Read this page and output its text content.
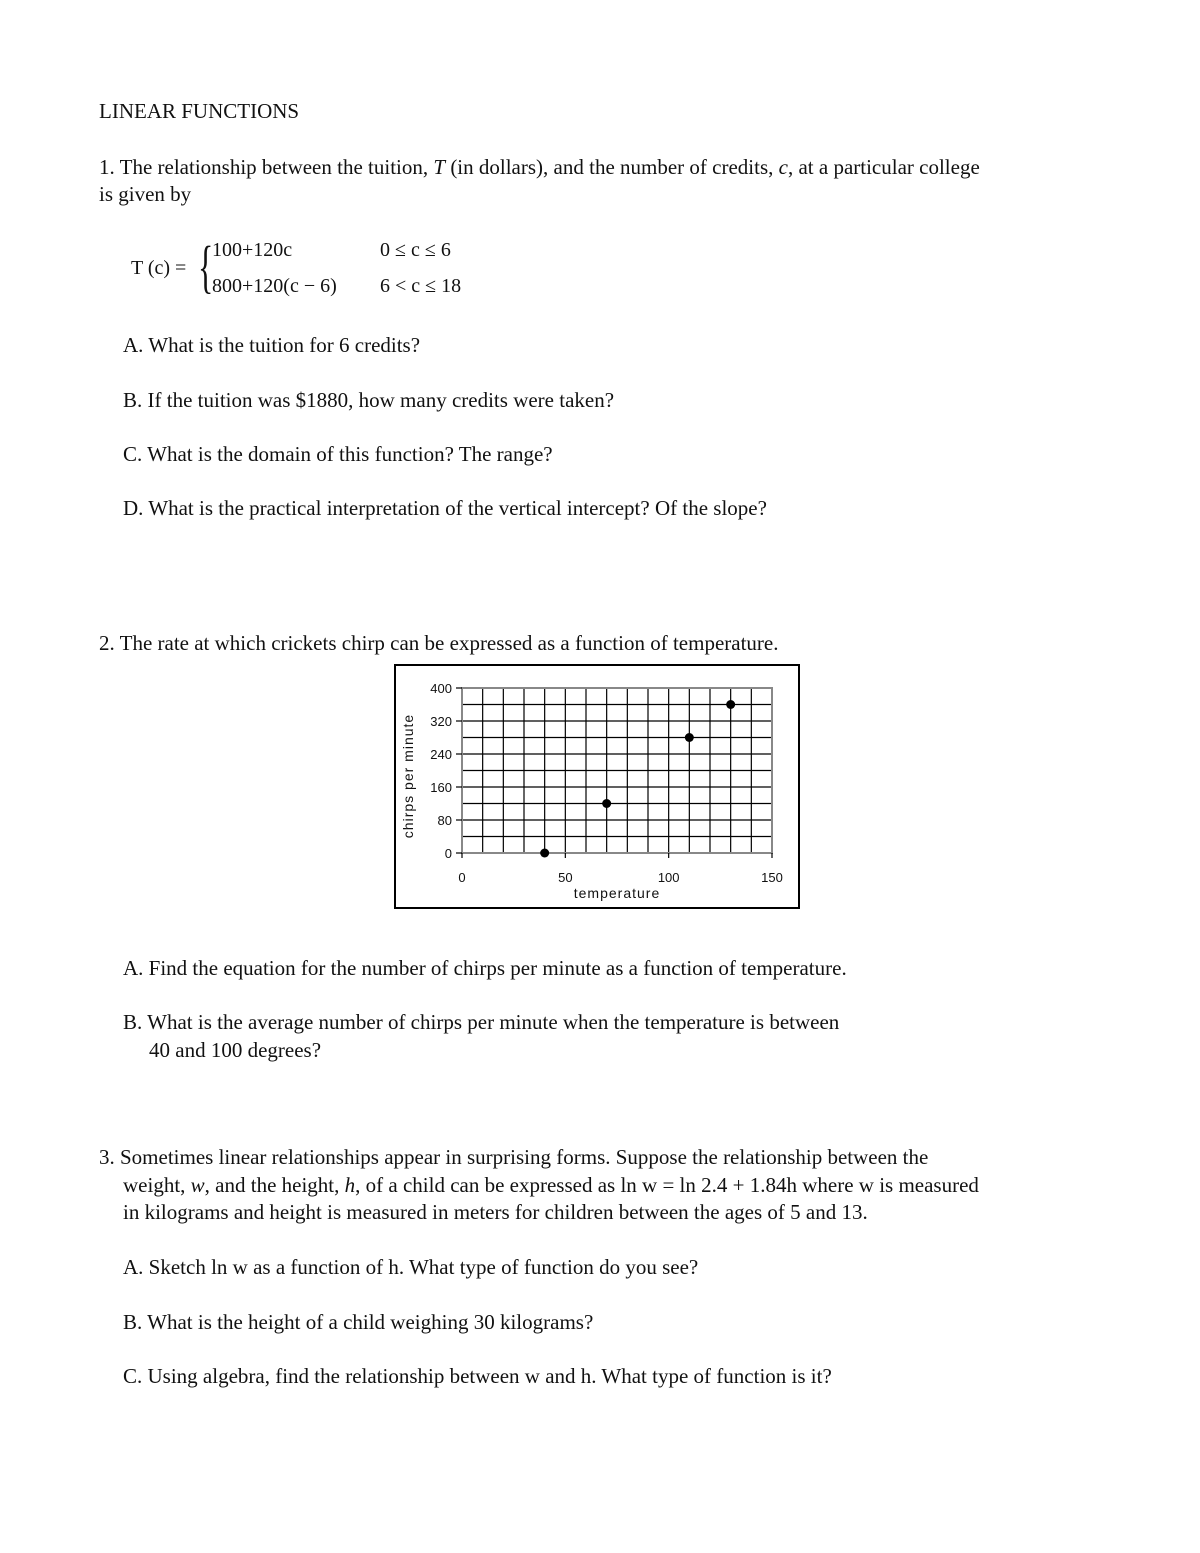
LINEAR FUNCTIONS
1. The relationship between the tuition, T (in dollars), and the number of credits, c, at a particular college
is given by
T (c) = {
100+120c	0 ≤ c ≤ 6
800+120(c − 6) 6 < c ≤ 18
A. What is the tuition for 6 credits?
B. If the tuition was $1880, how many credits were taken?
C. What is the domain of this function? The range?
D. What is the practical interpretation of the vertical intercept? Of the slope?
2. The rate at which crickets chirp can be expressed as a function of temperature.
0
80
160
240
320
400
0	50	100	150
temperature
chirps per minute
A. Find the equation for the number of chirps per minute as a function of temperature.
B. What is the average number of chirps per minute when the temperature is between
40 and 100 degrees?
3. Sometimes linear relationships appear in surprising forms. Suppose the relationship between the
weight, w, and the height, h, of a child can be expressed as ln w = ln 2.4 + 1.84h where w is measured
in kilograms and height is measured in meters for children between the ages of 5 and 13.
A. Sketch ln w as a function of h. What type of function do you see?
B. What is the height of a child weighing 30 kilograms?
C. Using algebra, find the relationship between w and h. What type of function is it?
